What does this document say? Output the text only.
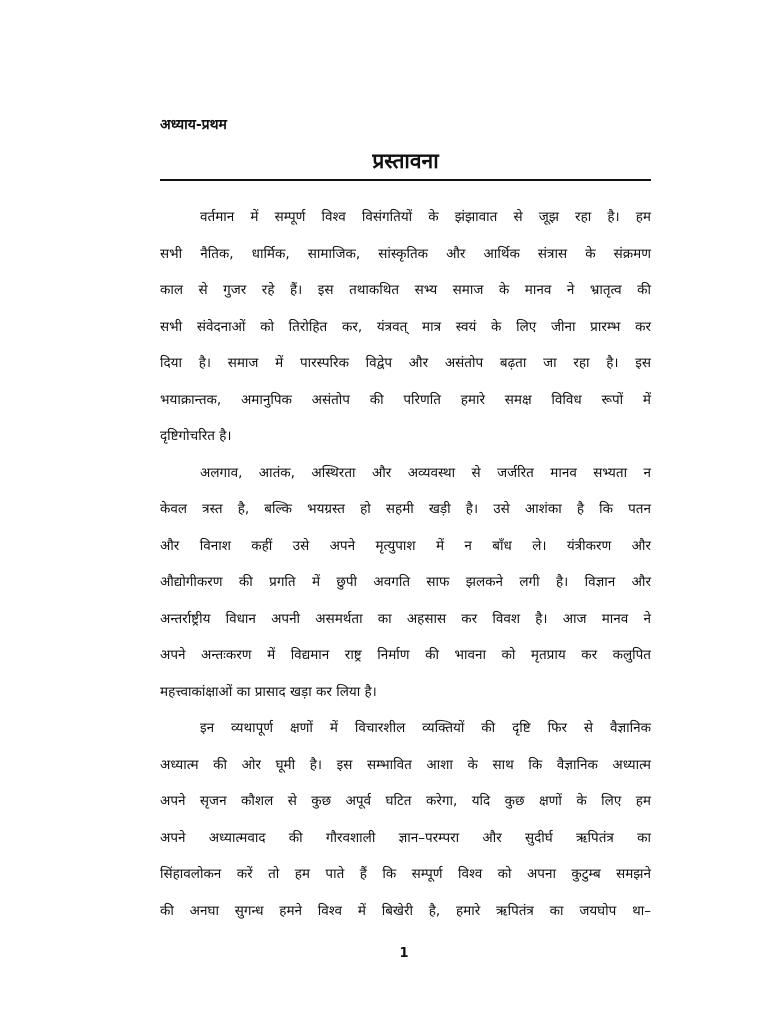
अध्याय-प्रथम
प्रस्तावना
वर्तमान में सम्पूर्ण विश्व विसंगतियों के झंझावात से जूझ रहा है। हम
सभी नैतिक, धार्मिक, सामाजिक, सांस्कृतिक और आर्थिक संत्रास के संक्रमण
काल से गुजर रहे हैं। इस तथाकथित सभ्य समाज के मानव ने भ्रातृत्व की
सभी संवेदनाओं को तिरोहित कर, यंत्रवत् मात्र स्वयं के लिए जीना प्रारम्भ कर
दिया है। समाज में पारस्परिक विद्वेप और असंतोप बढ़ता जा रहा है। इस
भयाक्रान्तक, अमानुपिक असंतोप की परिणति हमारे समक्ष विविध रूपों में
दृष्टिगोचरित है।
अलगाव, आतंक, अस्थिरता और अव्यवस्था से जर्जरित मानव सभ्यता न
केवल त्रस्त है, बल्कि भयग्रस्त हो सहमी खड़ी है। उसे आशंका है कि पतन
और विनाश कहीं उसे अपने मृत्युपाश में न बाँध ले। यंत्रीकरण और
औद्योगीकरण की प्रगति में छुपी अवगति साफ झलकने लगी है। विज्ञान और
अन्तर्राष्ट्रीय विधान अपनी असमर्थता का अहसास कर विवश है। आज मानव ने
अपने अन्तःकरण में विद्यमान राष्ट्र निर्माण की भावना को मृतप्राय कर कलुपित
महत्त्वाकांक्षाओं का प्रासाद खड़ा कर लिया है।
इन व्यथापूर्ण क्षणों में विचारशील व्यक्तियों की दृष्टि फिर से वैज्ञानिक
अध्यात्म की ओर घूमी है। इस सम्भावित आशा के साथ कि वैज्ञानिक अध्यात्म
अपने सृजन कौशल से कुछ अपूर्व घटित करेगा, यदि कुछ क्षणों के लिए हम
अपने अध्यात्मवाद की गौरवशाली ज्ञान–परम्परा और सुदीर्घ ऋपितंत्र का
सिंहावलोकन करें तो हम पाते हैं कि सम्पूर्ण विश्व को अपना कुटुम्ब समझने
की अनघा सुगन्ध हमने विश्व में बिखेरी है, हमारे ऋपितंत्र का जयघोप था–
1
